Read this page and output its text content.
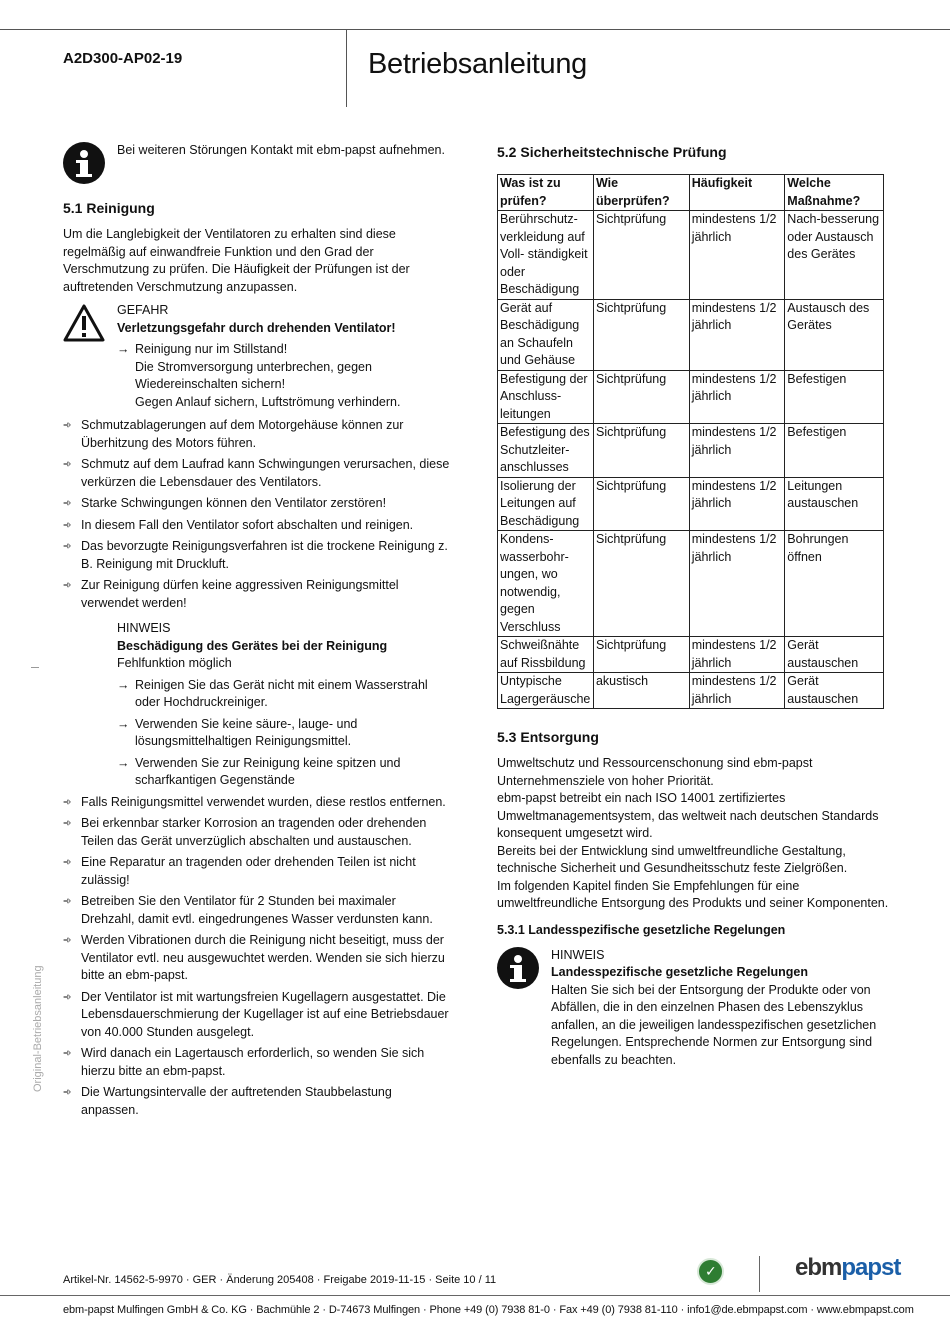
A2D300-AP02-19	Betriebsanleitung
Original-Betriebsanleitung

Bei weiteren Störungen Kontakt mit ebm-papst aufnehmen.

5.1 Reinigung

Um die Langlebigkeit der Ventilatoren zu erhalten sind diese regelmäßig auf einwandfreie Funktion und den Grad der Verschmutzung zu prüfen. Die Häufigkeit der Prüfungen ist der auftretenden Verschmutzung anzupassen.

GEFAHR
Verletzungsgefahr durch drehenden Ventilator!
→ Reinigung nur im Stillstand!
Die Stromversorgung unterbrechen, gegen
Wiedereinschalten sichern!
Gegen Anlauf sichern, Luftströmung verhindern.
➾ Schmutzablagerungen auf dem Motorgehäuse können zur Überhitzung des Motors führen.
➾ Schmutz auf dem Laufrad kann Schwingungen verursachen, diese verkürzen die Lebensdauer des Ventilators.
➾ Starke Schwingungen können den Ventilator zerstören!
➾ In diesem Fall den Ventilator sofort abschalten und reinigen.
➾ Das bevorzugte Reinigungsverfahren ist die trockene Reinigung z. B. Reinigung mit Druckluft.
➾ Zur Reinigung dürfen keine aggressiven Reinigungsmittel verwendet werden!
HINWEIS
Beschädigung des Gerätes bei der Reinigung
Fehlfunktion möglich
→ Reinigen Sie das Gerät nicht mit einem Wasserstrahl oder Hochdruckreiniger.
→ Verwenden Sie keine säure-, lauge- und lösungsmittelhaltigen Reinigungsmittel.
→ Verwenden Sie zur Reinigung keine spitzen und scharfkantigen Gegenstände
➾ Falls Reinigungsmittel verwendet wurden, diese restlos entfernen.
➾ Bei erkennbar starker Korrosion an tragenden oder drehenden Teilen das Gerät unverzüglich abschalten und austauschen.
➾ Eine Reparatur an tragenden oder drehenden Teilen ist nicht zulässig!
➾ Betreiben Sie den Ventilator für 2 Stunden bei maximaler Drehzahl, damit evtl. eingedrungenes Wasser verdunsten kann.
➾ Werden Vibrationen durch die Reinigung nicht beseitigt, muss der Ventilator evtl. neu ausgewuchtet werden. Wenden sie sich hierzu bitte an ebm-papst.
➾ Der Ventilator ist mit wartungsfreien Kugellagern ausgestattet. Die Lebensdauerschmierung der Kugellager ist auf eine Betriebsdauer von 40.000 Stunden ausgelegt.
➾ Wird danach ein Lagertausch erforderlich, so wenden Sie sich hierzu bitte an ebm-papst.
➾ Die Wartungsintervalle der auftretenden Staubbelastung anpassen.
5.2 Sicherheitstechnische Prüfung
Was ist zu prüfen?	Wie überprüfen?	Häufigkeit	Welche Maßnahme?
Berührschutz-verkleidung auf Voll- ständigkeit oder Beschädigung	Sichtprüfung	mindestens 1/2 jährlich	Nach-besserung oder Austausch des Gerätes
Gerät auf Beschädigung an Schaufeln und Gehäuse	Sichtprüfung	mindestens 1/2 jährlich	Austausch des Gerätes
Befestigung der Anschluss-leitungen	Sichtprüfung	mindestens 1/2 jährlich	Befestigen
Befestigung des Schutzleiter-anschlusses	Sichtprüfung	mindestens 1/2 jährlich	Befestigen
Isolierung der Leitungen auf Beschädigung	Sichtprüfung	mindestens 1/2 jährlich	Leitungen austauschen
Kondens-wasserbohr-ungen, wo notwendig, gegen Verschluss	Sichtprüfung	mindestens 1/2 jährlich	Bohrungen öffnen
Schweißnähte auf Rissbildung	Sichtprüfung	mindestens 1/2 jährlich	Gerät austauschen
Untypische Lagergeräusche	akustisch	mindestens 1/2 jährlich	Gerät austauschen
5.3 Entsorgung

Umweltschutz und Ressourcenschonung sind ebm-papst Unternehmensziele von hoher Priorität.

ebm-papst betreibt ein nach ISO 14001 zertifiziertes Umweltmanagementsystem, das weltweit nach deutschen Standards konsequent umgesetzt wird.

Bereits bei der Entwicklung sind umweltfreundliche Gestaltung, technische Sicherheit und Gesundheitsschutz feste Zielgrößen.

Im folgenden Kapitel finden Sie Empfehlungen für eine umweltfreundliche Entsorgung des Produkts und seiner Komponenten.

5.3.1 Landesspezifische gesetzliche Regelungen
HINWEIS
Landesspezifische gesetzliche Regelungen

Halten Sie sich bei der Entsorgung der Produkte oder von Abfällen, die in den einzelnen Phasen des Lebenszyklus anfallen, an die jeweiligen landesspezifischen gesetzlichen Regelungen. Entsprechende Normen zur Entsorgung sind ebenfalls zu beachten.

Artikel-Nr. 14562-5-9970 · GER · Änderung 205408 · Freigabe 2019-11-15 · Seite 10 / 11
✓	ebmpapst
ebm-papst Mulfingen GmbH & Co. KG · Bachmühle 2 · D-74673 Mulfingen · Phone +49 (0) 7938 81-0 · Fax +49 (0) 7938 81-110 · info1@de.ebmpapst.com · www.ebmpapst.com
